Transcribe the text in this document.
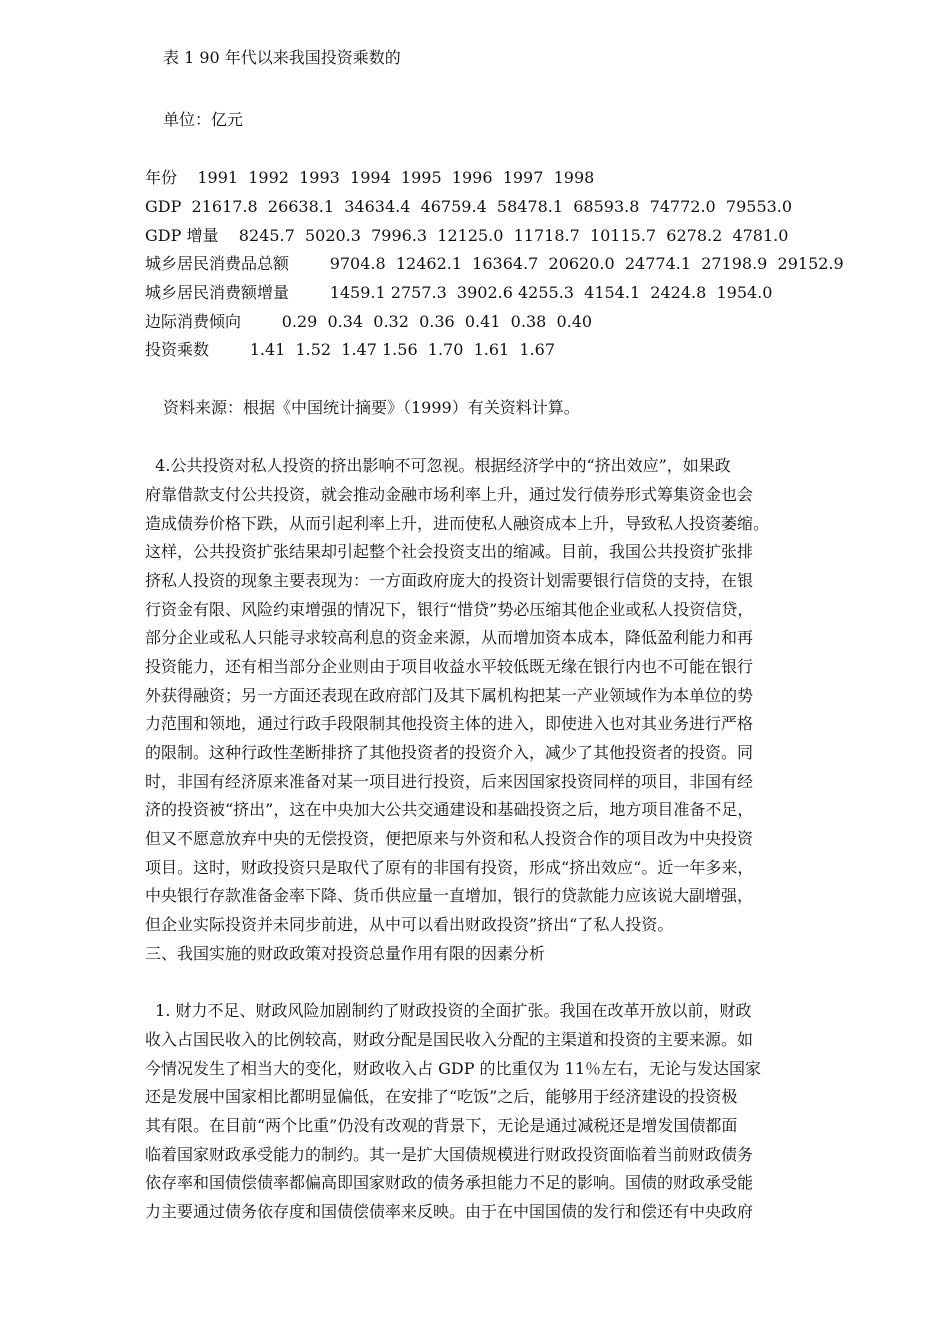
表 1 90 年代以来我国投资乘数的
单位：亿元
年份    1991  1992  1993  1994  1995  1996  1997  1998
GDP  21617.8  26638.1  34634.4  46759.4  58478.1  68593.8  74772.0  79553.0
GDP 增量    8245.7  5020.3  7996.3  12125.0  11718.7  10115.7  6278.2  4781.0
城乡居民消费品总额        9704.8  12462.1  16364.7  20620.0  24774.1  27198.9  29152.9
城乡居民消费额增量        1459.1 2757.3  3902.6 4255.3  4154.1  2424.8  1954.0
边际消费倾向        0.29  0.34  0.32  0.36  0.41  0.38  0.40
投资乘数        1.41  1.52  1.47 1.56  1.70  1.61  1.67
资料来源：根据《中国统计摘要》（1999）有关资料计算。
4.公共投资对私人投资的挤出影响不可忽视。根据经济学中的“挤出效应”，如果政
府靠借款支付公共投资，就会推动金融市场利率上升，通过发行债券形式筹集资金也会
造成债券价格下跌，从而引起利率上升，进而使私人融资成本上升，导致私人投资萎缩。
这样，公共投资扩张结果却引起整个社会投资支出的缩减。目前，我国公共投资扩张排
挤私人投资的现象主要表现为：一方面政府庞大的投资计划需要银行信贷的支持，在银
行资金有限、风险约束增强的情况下，银行“惜贷”势必压缩其他企业或私人投资信贷，
部分企业或私人只能寻求较高利息的资金来源，从而增加资本成本，降低盈利能力和再
投资能力，还有相当部分企业则由于项目收益水平较低既无缘在银行内也不可能在银行
外获得融资；另一方面还表现在政府部门及其下属机构把某一产业领域作为本单位的势
力范围和领地，通过行政手段限制其他投资主体的进入，即使进入也对其业务进行严格
的限制。这种行政性垄断排挤了其他投资者的投资介入，减少了其他投资者的投资。同
时，非国有经济原来准备对某一项目进行投资，后来因国家投资同样的项目，非国有经
济的投资被“挤出”，这在中央加大公共交通建设和基础投资之后，地方项目准备不足，
但又不愿意放弃中央的无偿投资，便把原来与外资和私人投资合作的项目改为中央投资
项目。这时，财政投资只是取代了原有的非国有投资，形成“挤出效应“。近一年多来，
中央银行存款准备金率下降、货币供应量一直增加，银行的贷款能力应该说大副增强，
但企业实际投资并未同步前进，从中可以看出财政投资”挤出“了私人投资。
三、我国实施的财政政策对投资总量作用有限的因素分析
1. 财力不足、财政风险加剧制约了财政投资的全面扩张。我国在改革开放以前，财政
收入占国民收入的比例较高，财政分配是国民收入分配的主渠道和投资的主要来源。如
今情况发生了相当大的变化，财政收入占 GDP 的比重仅为 11％左右，无论与发达国家
还是发展中国家相比都明显偏低，在安排了“吃饭”之后，能够用于经济建设的投资极
其有限。在目前“两个比重”仍没有改观的背景下，无论是通过减税还是增发国债都面
临着国家财政承受能力的制约。其一是扩大国债规模进行财政投资面临着当前财政债务
依存率和国债偿债率都偏高即国家财政的债务承担能力不足的影响。国债的财政承受能
力主要通过债务依存度和国债偿债率来反映。由于在中国国债的发行和偿还有中央政府
